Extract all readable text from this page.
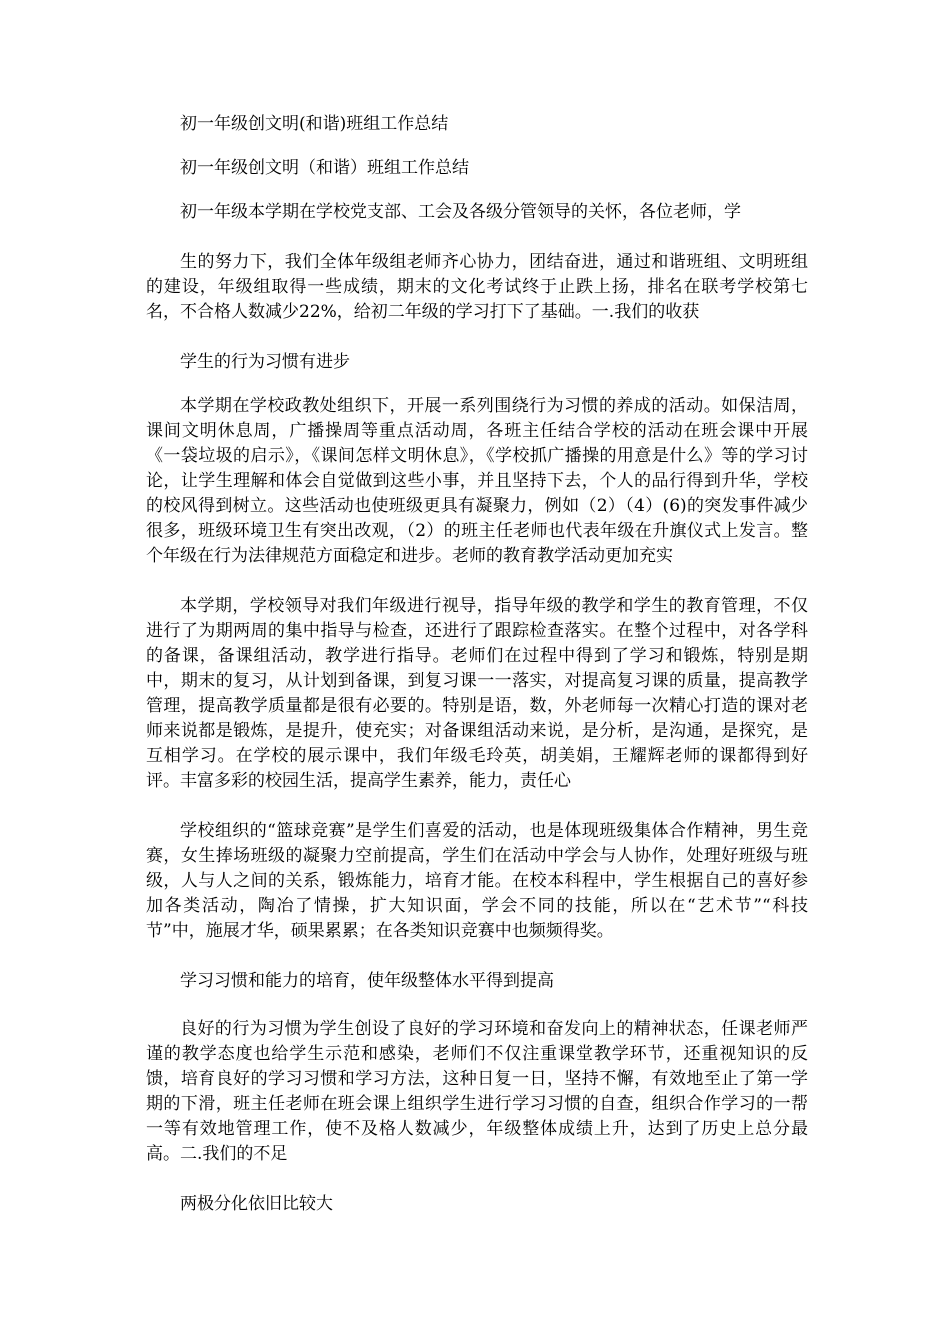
初一年级创文明(和谐)班组工作总结

初一年级创文明（和谐）班组工作总结

初一年级本学期在学校党支部、工会及各级分管领导的关怀，各位老师，学

生的努力下，我们全体年级组老师齐心协力，团结奋进，通过和谐班组、文明班组的建设，年级组取得一些成绩，期末的文化考试终于止跌上扬，排名在联考学校第七名，不合格人数减少22%，给初二年级的学习打下了基础。一.我们的收获

学生的行为习惯有进步

本学期在学校政教处组织下，开展一系列围绕行为习惯的养成的活动。如保洁周，课间文明休息周，广播操周等重点活动周，各班主任结合学校的活动在班会课中开展《一袋垃圾的启示》，《课间怎样文明休息》，《学校抓广播操的用意是什么》等的学习讨论，让学生理解和体会自觉做到这些小事，并且坚持下去，个人的品行得到升华，学校的校风得到树立。这些活动也使班级更具有凝聚力，例如（2）（4）(6)的突发事件减少很多，班级环境卫生有突出改观，（2）的班主任老师也代表年级在升旗仪式上发言。整个年级在行为法律规范方面稳定和进步。老师的教育教学活动更加充实

本学期，学校领导对我们年级进行视导，指导年级的教学和学生的教育管理，不仅进行了为期两周的集中指导与检查，还进行了跟踪检查落实。在整个过程中，对各学科的备课，备课组活动，教学进行指导。老师们在过程中得到了学习和锻炼，特别是期中，期末的复习，从计划到备课，到复习课一一落实，对提高复习课的质量，提高教学管理，提高教学质量都是很有必要的。特别是语，数，外老师每一次精心打造的课对老师来说都是锻炼，是提升，使充实；对备课组活动来说，是分析，是沟通，是探究，是互相学习。在学校的展示课中，我们年级毛玲英，胡美娟，王耀辉老师的课都得到好评。丰富多彩的校园生活，提高学生素养，能力，责任心

学校组织的“篮球竞赛”是学生们喜爱的活动，也是体现班级集体合作精神，男生竞赛，女生捧场班级的凝聚力空前提高，学生们在活动中学会与人协作，处理好班级与班级，人与人之间的关系，锻炼能力，培育才能。在校本科程中，学生根据自己的喜好参加各类活动，陶冶了情操，扩大知识面，学会不同的技能，所以在“艺术节”“科技节”中，施展才华，硕果累累；在各类知识竞赛中也频频得奖。

学习习惯和能力的培育，使年级整体水平得到提高

良好的行为习惯为学生创设了良好的学习环境和奋发向上的精神状态，任课老师严谨的教学态度也给学生示范和感染，老师们不仅注重课堂教学环节，还重视知识的反馈，培育良好的学习习惯和学习方法，这种日复一日，坚持不懈，有效地至止了第一学期的下滑，班主任老师在班会课上组织学生进行学习习惯的自查，组织合作学习的一帮一等有效地管理工作，使不及格人数减少，年级整体成绩上升，达到了历史上总分最高。二.我们的不足

两极分化依旧比较大
